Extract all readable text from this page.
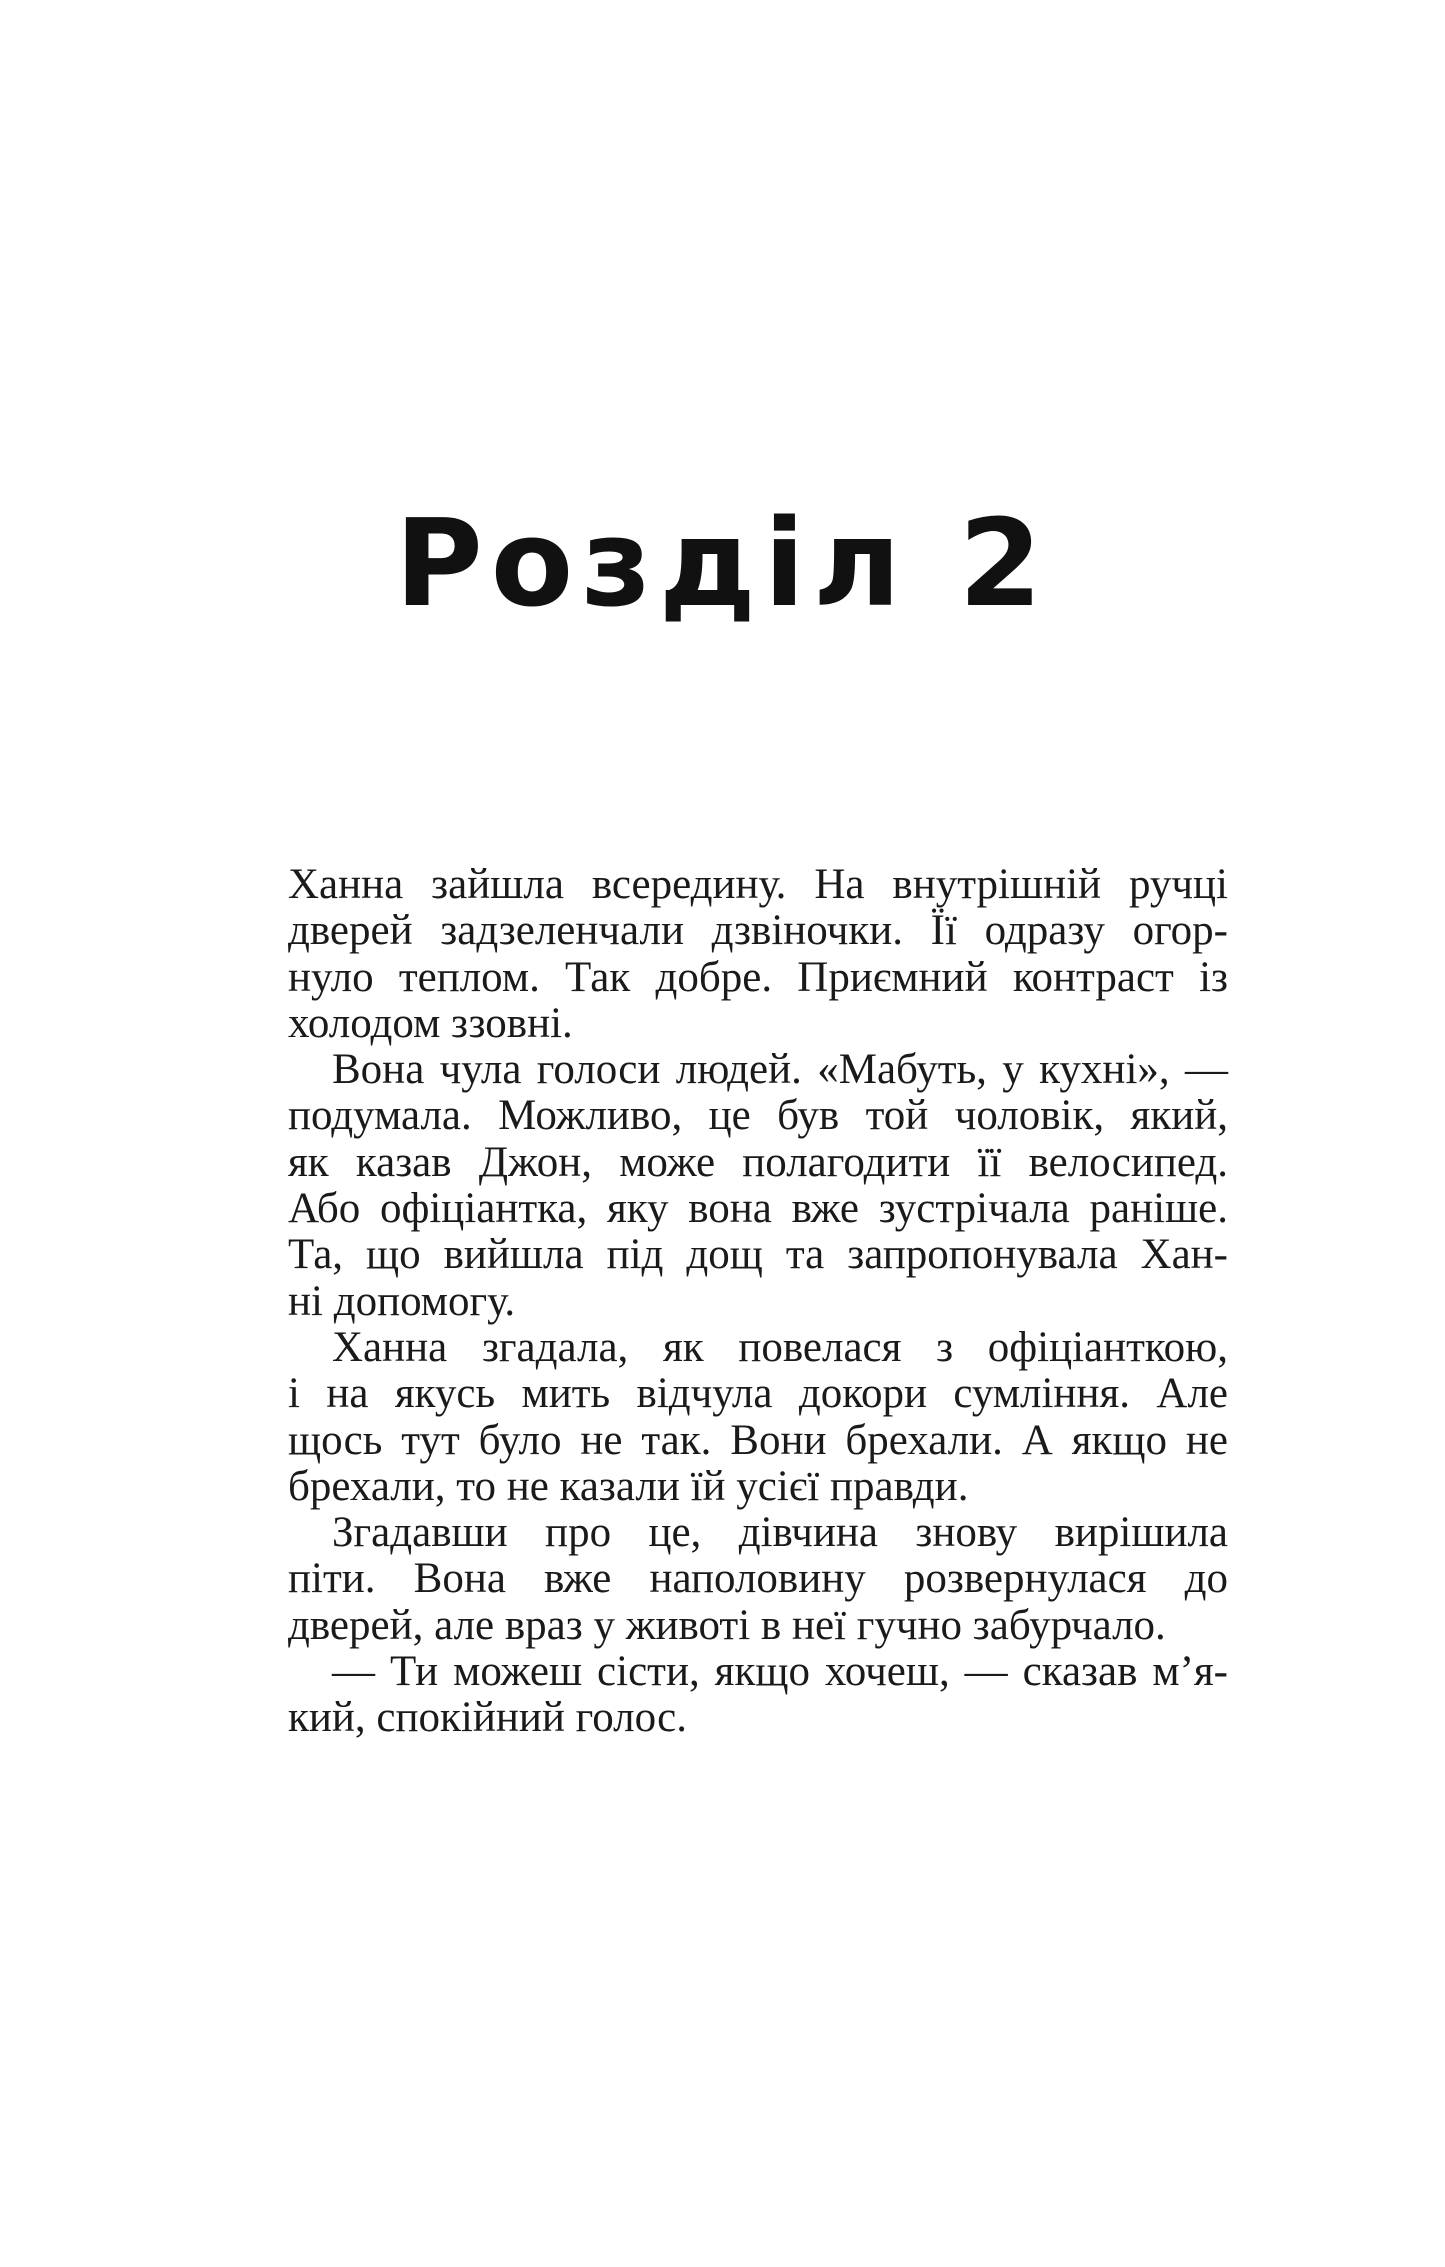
Розділ 2
Ханна зайшла всередину. На внутрішній ручці
дверей задзеленчали дзвіночки. Її одразу огор-
нуло теплом. Так добре. Приємний контраст із
холодом ззовні.
Вона чула голоси людей. «Мабуть, у кухні», —
подумала. Можливо, це був той чоловік, який,
як казав Джон, може полагодити її велосипед.
Або офіціантка, яку вона вже зустрічала раніше.
Та, що вийшла під дощ та запропонувала Хан-
ні допомогу.
Ханна згадала, як повелася з офіціанткою,
і на якусь мить відчула докори сумління. Але
щось тут було не так. Вони брехали. А якщо не
брехали, то не казали їй усієї правди.
Згадавши про це, дівчина знову вирішила
піти. Вона вже наполовину розвернулася до
дверей, але враз у животі в неї гучно забурчало.
— Ти можеш сісти, якщо хочеш, — сказав м’я-
кий, спокійний голос.
